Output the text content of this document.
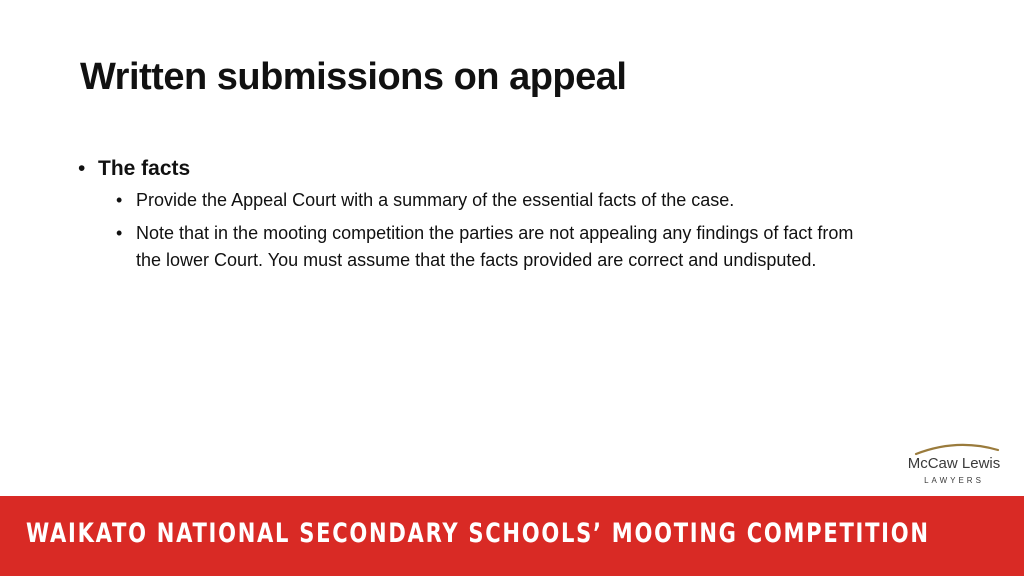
Written submissions on appeal
• The facts
• Provide the Appeal Court with a summary of the essential facts of the case.
• Note that in the mooting competition the parties are not appealing any findings of fact from the lower Court. You must assume that the facts provided are correct and undisputed.
McCaw Lewis
LAWYERS

WAIKATO NATIONAL SECONDARY SCHOOLS’ MOOTING COMPETITION
